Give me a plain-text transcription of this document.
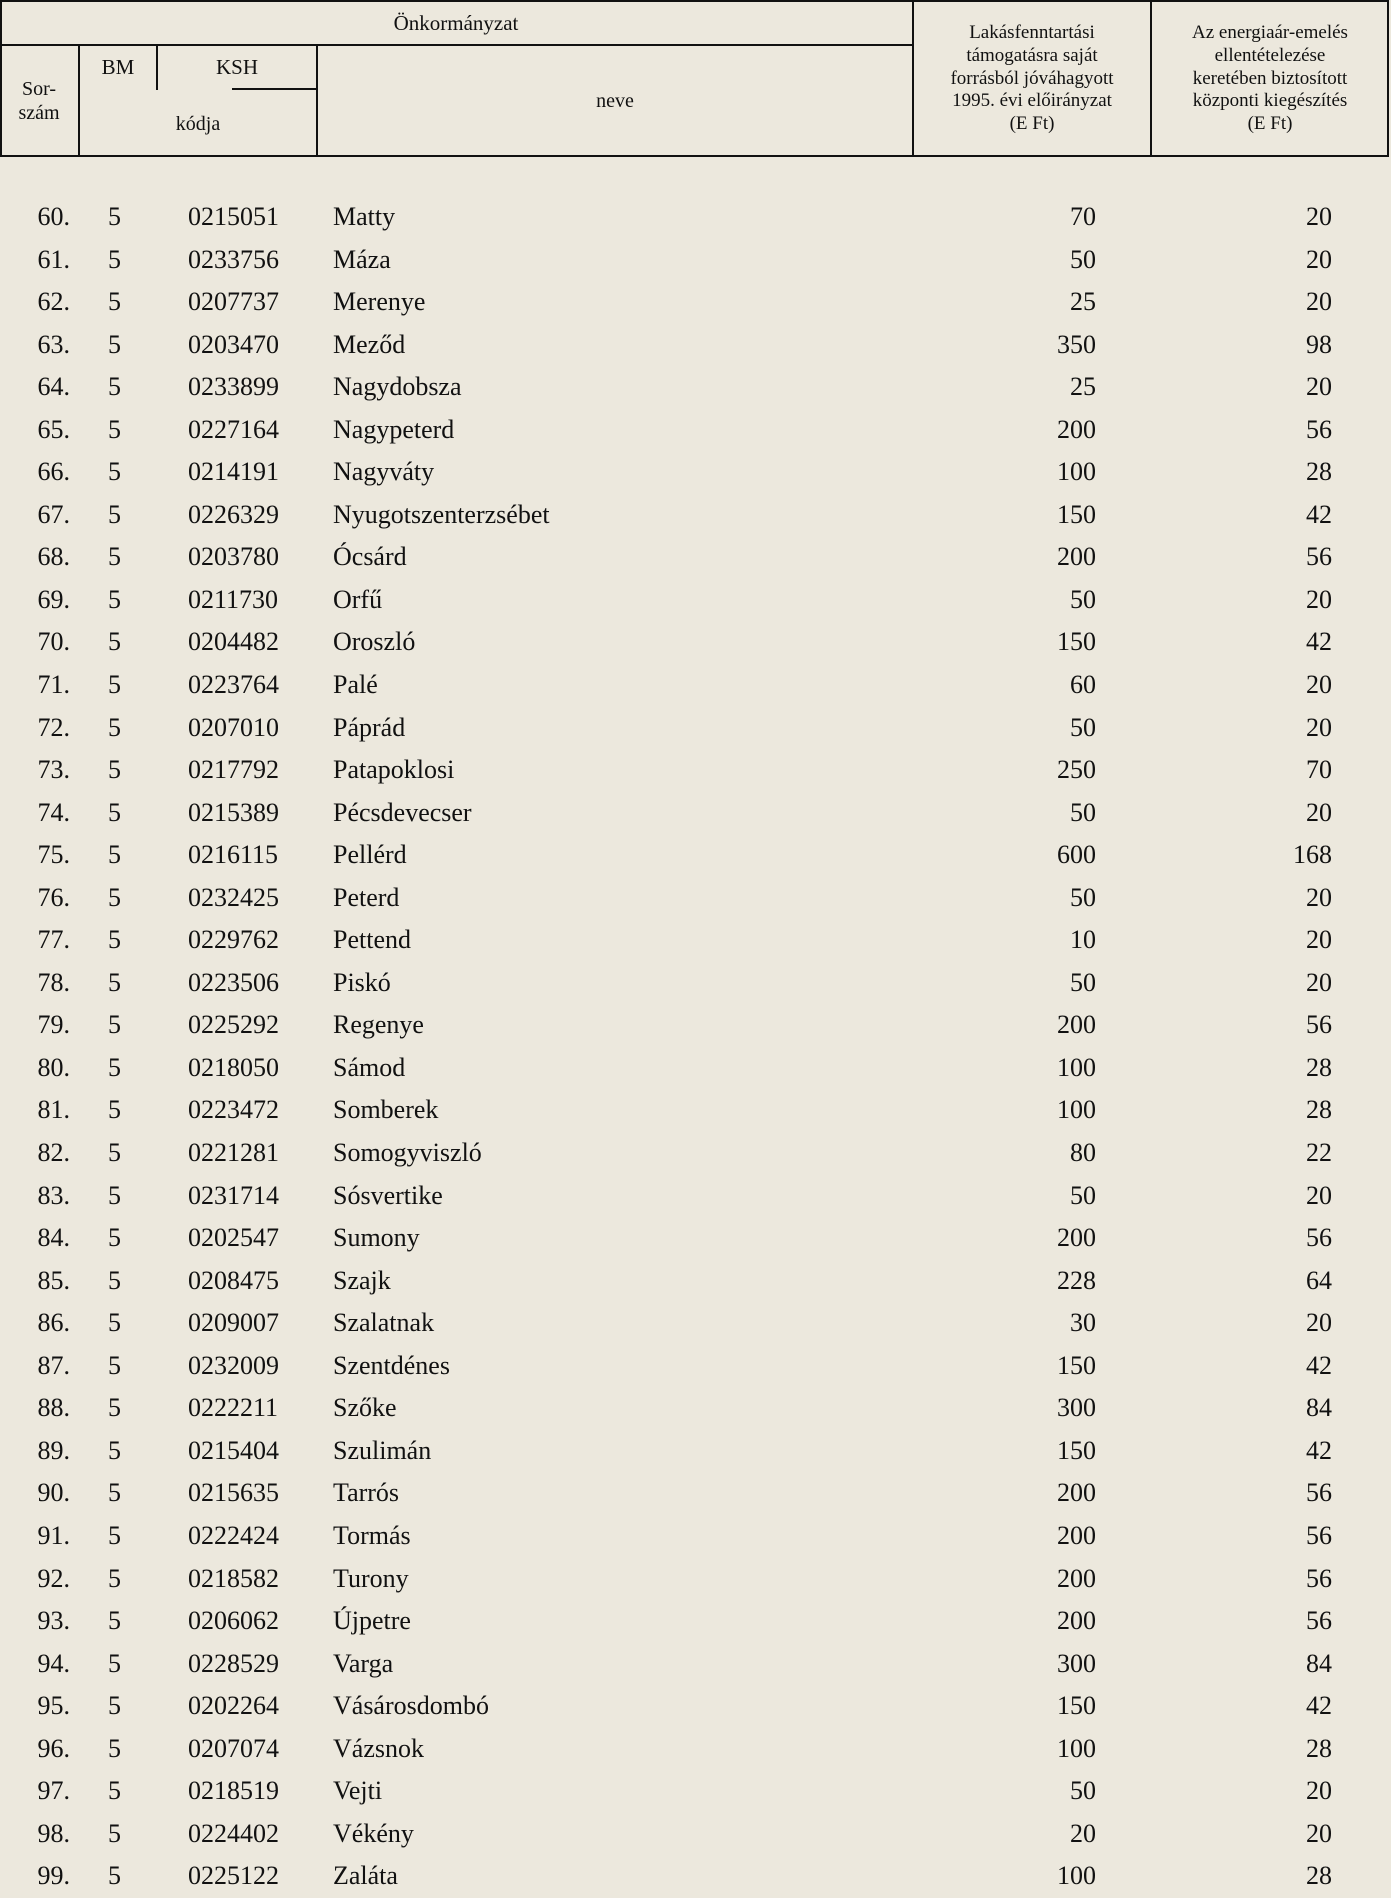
Önkormányzat
Sor-
szám
BM	KSH
kódja
neve
Lakásfenntartási
támogatásra saját
forrásból jóváhagyott
1995. évi előirányzat
(E Ft)
Az energiaár-emelés
ellentételezése
keretében biztosított
központi kiegészítés
(E Ft)
60. 5	0215051	Matty	70	20
61. 5	0233756	Máza	50	20
62. 5	0207737	Merenye	25	20
63. 5	0203470	Meződ	350	98
64. 5	0233899	Nagydobsza	25	20
65. 5	0227164	Nagypeterd	200	56
66. 5	0214191	Nagyváty	100	28
67. 5	0226329	Nyugotszenterzsébet	150	42
68. 5	0203780	Ócsárd	200	56
69. 5	0211730	Orfű	50	20
70. 5	0204482	Oroszló	150	42
71. 5	0223764	Palé	60	20
72. 5	0207010	Páprád	50	20
73. 5	0217792	Patapoklosi	250	70
74. 5	0215389	Pécsdevecser	50	20
75. 5	0216115	Pellérd	600	168
76. 5	0232425	Peterd	50	20
77. 5	0229762	Pettend	10	20
78. 5	0223506	Piskó	50	20
79. 5	0225292	Regenye	200	56
80. 5	0218050	Sámod	100	28
81. 5	0223472	Somberek	100	28
82. 5	0221281	Somogyviszló	80	22
83. 5	0231714	Sósvertike	50	20
84. 5	0202547	Sumony	200	56
85. 5	0208475	Szajk	228	64
86. 5	0209007	Szalatnak	30	20
87. 5	0232009	Szentdénes	150	42
88. 5	0222211	Szőke	300	84
89. 5	0215404	Szulimán	150	42
90. 5	0215635	Tarrós	200	56
91. 5	0222424	Tormás	200	56
92. 5	0218582	Turony	200	56
93. 5	0206062	Újpetre	200	56
94. 5	0228529	Varga	300	84
95. 5	0202264	Vásárosdombó	150	42
96. 5	0207074	Vázsnok	100	28
97. 5	0218519	Vejti	50	20
98. 5	0224402	Vékény	20	20
99. 5	0225122	Zaláta	100	28
